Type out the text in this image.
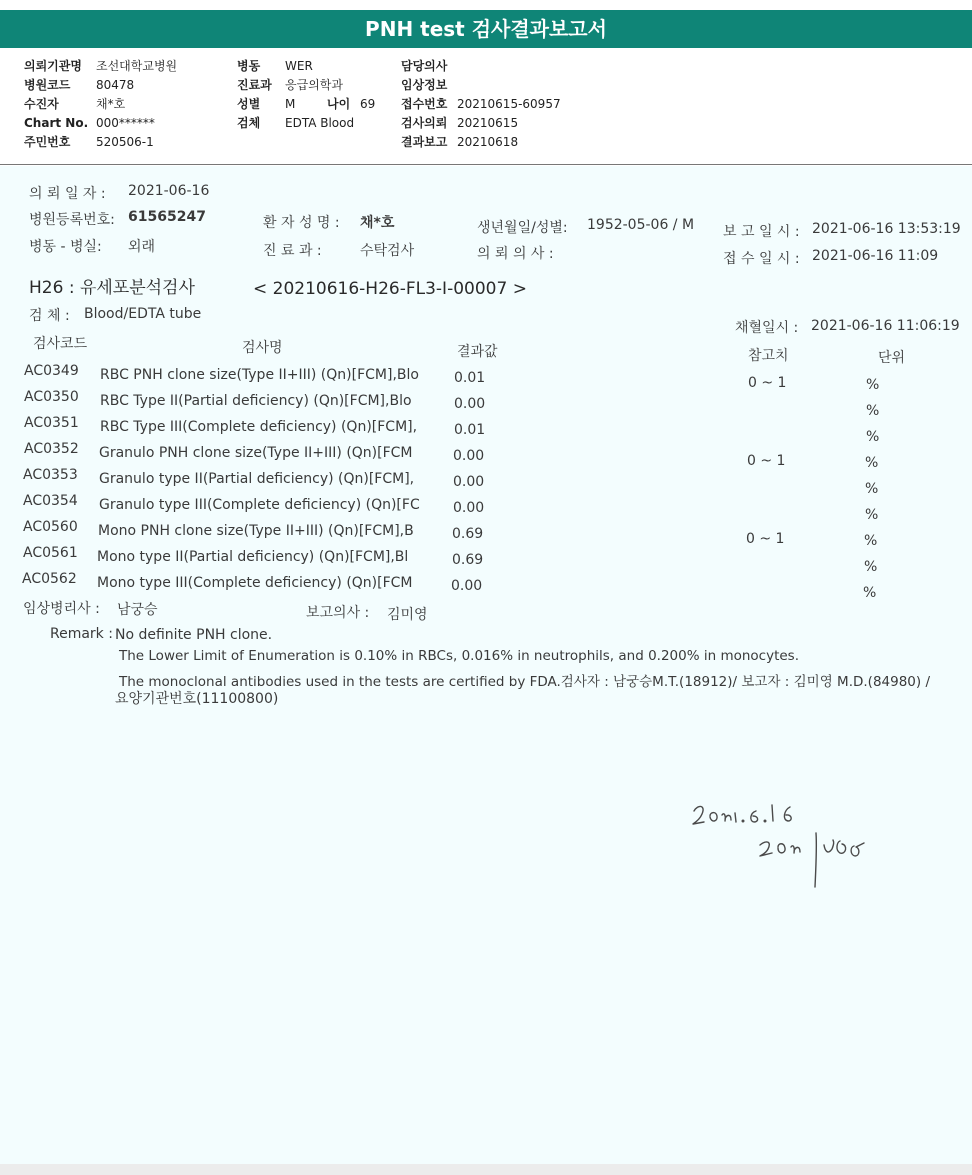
PNH test 검사결과보고서
의뢰기관명 조선대학교병원
병원코드 80478
수진자	채*호
Chart No. 000******
주민번호 520506-1
병동 WER
진료과 응급의학과
성별 M	나이 69
검체 EDTA Blood
담당의사
임상정보
접수번호 20210615-60957
검사의뢰 20210615
결과보고 20210618
의 뢰 일 자 : 2021-06-16
병원등록번호: 61565247	환 자 성 명 : 채*호	생년월일/성별: 1952-05-06 / M 보 고 일 시 : 2021-06-16 13:53:19
병동 - 병실: 외래	진 료 과 :	수탁검사	의 뢰 의 사 :	접 수 일 시 : 2021-06-16 11:09
H26 : 유세포분석검사	< 20210616-H26-FL3-I-00007 >
검 체 : Blood/EDTA tube
채혈일시 : 2021-06-16 11:06:19
검사코드	검사명	결과값	참고치	단위
AC0349 RBC PNH clone size(Type II+III) (Qn)[FCM],Blo	0.01	0 ~ 1	%
AC0350 RBC Type II(Partial deficiency) (Qn)[FCM],Blo	0.00	%
AC0351 RBC Type III(Complete deficiency) (Qn)[FCM],	0.01	%
AC0352 Granulo PNH clone size(Type II+III) (Qn)[FCM	0.00	0 ~ 1	%
AC0353 Granulo type II(Partial deficiency) (Qn)[FCM],	0.00	%
AC0354 Granulo type III(Complete deficiency) (Qn)[FC 0.00	%
AC0560 Mono PNH clone size(Type II+III) (Qn)[FCM],B	0.69	0 ~ 1	%
AC0561 Mono type II(Partial deficiency) (Qn)[FCM],Bl	0.69	%
AC0562 Mono type III(Complete deficiency) (Qn)[FCM	0.00	%
임상병리사 : 남궁승	보고의사 : 김미영
Remark : No definite PNH clone.
The Lower Limit of Enumeration is 0.10% in RBCs, 0.016% in neutrophils, and 0.200% in monocytes.
The monoclonal antibodies used in the tests are certified by FDA.검사자 : 남궁승M.T.(18912)/ 보고자 : 김미영 M.D.(84980) /
요양기관번호(11100800)
